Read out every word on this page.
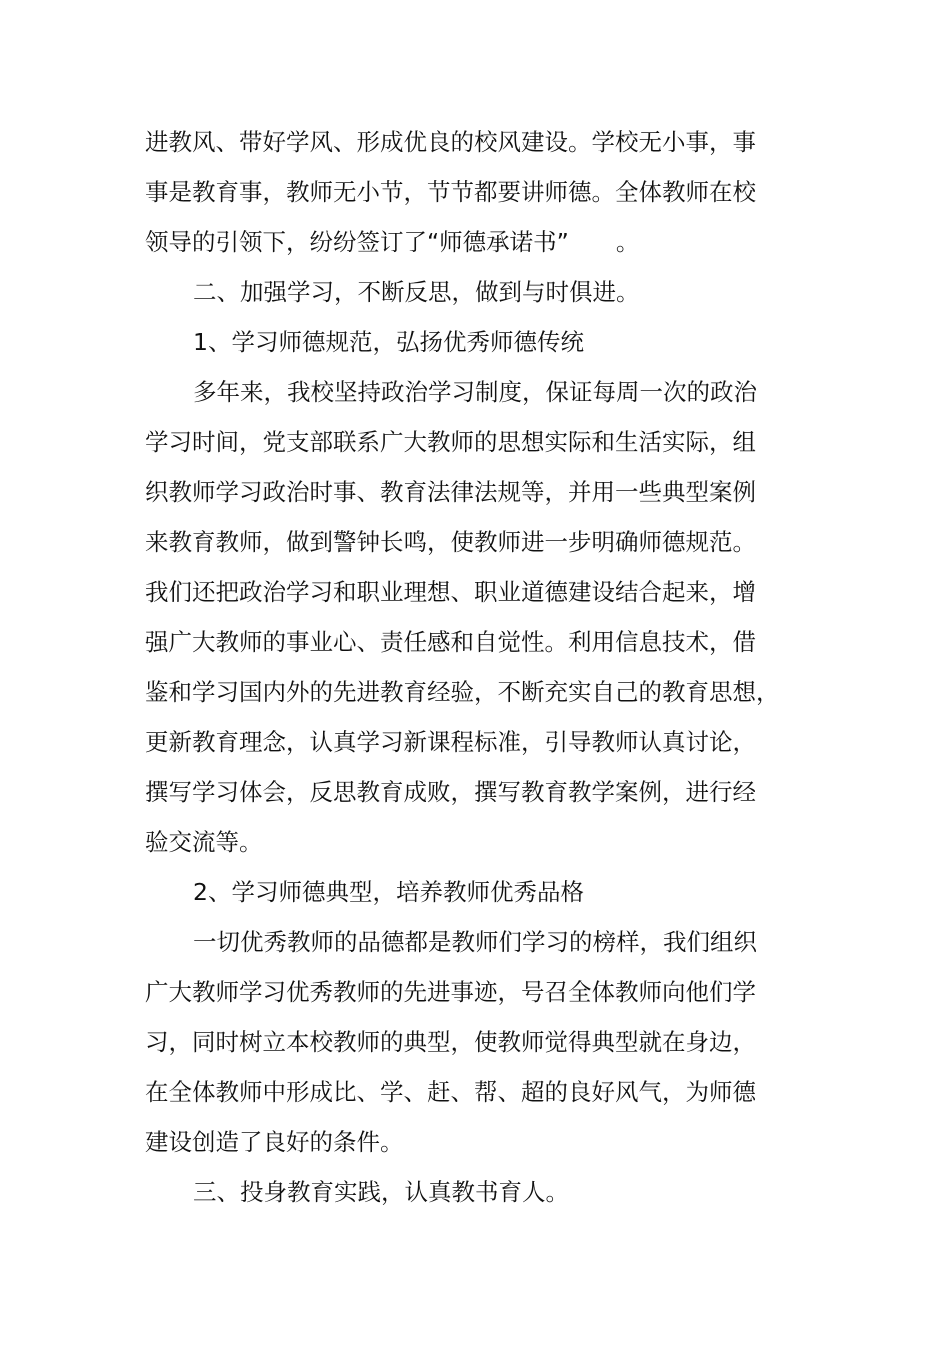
进教风、带好学风、形成优良的校风建设。学校无小事，事
事是教育事，教师无小节，节节都要讲师德。全体教师在校
领导的引领下，纷纷签订了“师德承诺书”　　。
二、加强学习，不断反思，做到与时俱进。
1、学习师德规范，弘扬优秀师德传统
多年来，我校坚持政治学习制度，保证每周一次的政治
学习时间，党支部联系广大教师的思想实际和生活实际，组
织教师学习政治时事、教育法律法规等，并用一些典型案例
来教育教师，做到警钟长鸣，使教师进一步明确师德规范。
我们还把政治学习和职业理想、职业道德建设结合起来，增
强广大教师的事业心、责任感和自觉性。利用信息技术，借
鉴和学习国内外的先进教育经验，不断充实自己的教育思想，
更新教育理念，认真学习新课程标准，引导教师认真讨论，
撰写学习体会，反思教育成败，撰写教育教学案例，进行经
验交流等。
2、学习师德典型，培养教师优秀品格
一切优秀教师的品德都是教师们学习的榜样，我们组织
广大教师学习优秀教师的先进事迹，号召全体教师向他们学
习，同时树立本校教师的典型，使教师觉得典型就在身边，
在全体教师中形成比、学、赶、帮、超的良好风气，为师德
建设创造了良好的条件。
三、投身教育实践，认真教书育人。
